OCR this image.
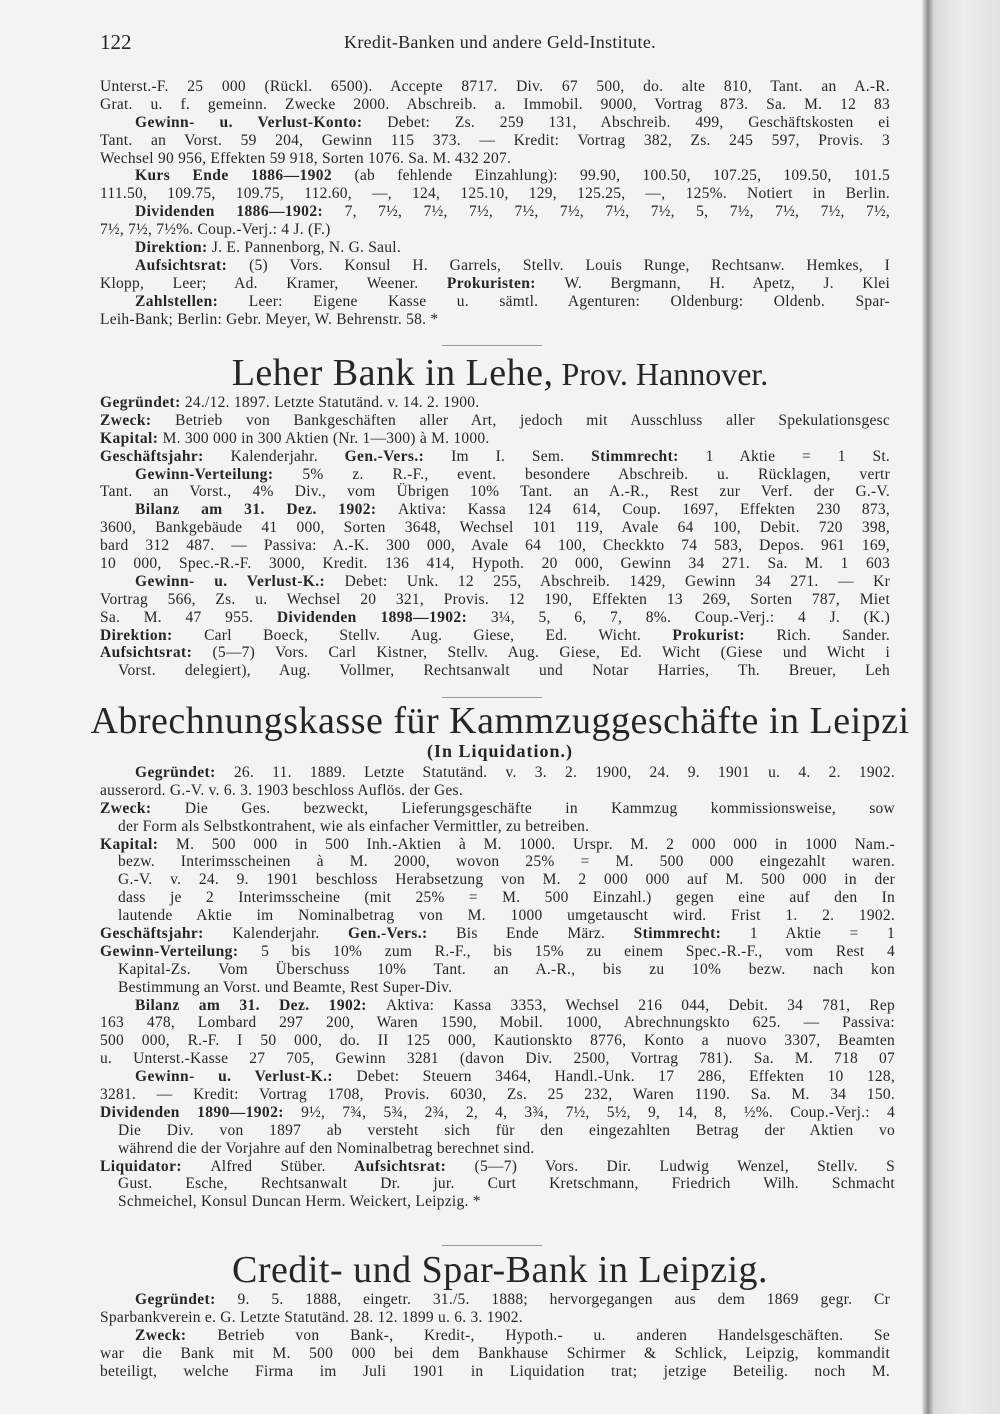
122	Kredit-Banken und andere Geld-Institute.
Unterst.-F. 25 000 (Rückl. 6500). Accepte 8717. Div. 67 500, do. alte 810, Tant. an A.-R.
Grat. u. f. gemeinn. Zwecke 2000. Abschreib. a. Immobil. 9000, Vortrag 873. Sa. M. 12 83
Gewinn- u. Verlust-Konto: Debet: Zs. 259 131, Abschreib. 499, Geschäftskosten ei
Tant. an Vorst. 59 204, Gewinn 115 373. — Kredit: Vortrag 382, Zs. 245 597, Provis. 3
Wechsel 90 956, Effekten 59 918, Sorten 1076. Sa. M. 432 207.
Kurs Ende 1886—1902 (ab fehlende Einzahlung): 99.90, 100.50, 107.25, 109.50, 101.5
111.50, 109.75, 109.75, 112.60, —, 124, 125.10, 129, 125.25, —, 125%. Notiert in Berlin.
Dividenden 1886—1902: 7, 7½, 7½, 7½, 7½, 7½, 7½, 7½, 5, 7½, 7½, 7½, 7½,
7½, 7½, 7½%. Coup.-Verj.: 4 J. (F.)
Direktion: J. E. Pannenborg, N. G. Saul.
Aufsichtsrat: (5) Vors. Konsul H. Garrels, Stellv. Louis Runge, Rechtsanw. Hemkes, I
Klopp, Leer; Ad. Kramer, Weener. Prokuristen: W. Bergmann, H. Apetz, J. Klei
Zahlstellen: Leer: Eigene Kasse u. sämtl. Agenturen: Oldenburg: Oldenb. Spar-
Leih-Bank; Berlin: Gebr. Meyer, W. Behrenstr. 58. *
Leher Bank in Lehe, Prov. Hannover.
Gegründet: 24./12. 1897. Letzte Statutänd. v. 14. 2. 1900.
Zweck: Betrieb von Bankgeschäften aller Art, jedoch mit Ausschluss aller Spekulationsgesc
Kapital: M. 300 000 in 300 Aktien (Nr. 1—300) à M. 1000.
Geschäftsjahr: Kalenderjahr. Gen.-Vers.: Im I. Sem. Stimmrecht: 1 Aktie = 1 St.
Gewinn-Verteilung: 5% z. R.-F., event. besondere Abschreib. u. Rücklagen, vertr
Tant. an Vorst., 4% Div., vom Übrigen 10% Tant. an A.-R., Rest zur Verf. der G.-V.
Bilanz am 31. Dez. 1902: Aktiva: Kassa 124 614, Coup. 1697, Effekten 230 873,
3600, Bankgebäude 41 000, Sorten 3648, Wechsel 101 119, Avale 64 100, Debit. 720 398,
bard 312 487. — Passiva: A.-K. 300 000, Avale 64 100, Checkkto 74 583, Depos. 961 169,
10 000, Spec.-R.-F. 3000, Kredit. 136 414, Hypoth. 20 000, Gewinn 34 271. Sa. M. 1 603
Gewinn- u. Verlust-K.: Debet: Unk. 12 255, Abschreib. 1429, Gewinn 34 271. — Kr
Vortrag 566, Zs. u. Wechsel 20 321, Provis. 12 190, Effekten 13 269, Sorten 787, Miet
Sa. M. 47 955. Dividenden 1898—1902: 3¼, 5, 6, 7, 8%. Coup.-Verj.: 4 J. (K.)
Direktion: Carl Boeck, Stellv. Aug. Giese, Ed. Wicht. Prokurist: Rich. Sander.
Aufsichtsrat: (5—7) Vors. Carl Kistner, Stellv. Aug. Giese, Ed. Wicht (Giese und Wicht i
Vorst. delegiert), Aug. Vollmer, Rechtsanwalt und Notar Harries, Th. Breuer, Leh
Abrechnungskasse für Kammzuggeschäfte in Leipzi
(In Liquidation.)
Gegründet: 26. 11. 1889. Letzte Statutänd. v. 3. 2. 1900, 24. 9. 1901 u. 4. 2. 1902.
ausserord. G.-V. v. 6. 3. 1903 beschloss Auflös. der Ges.
Zweck: Die Ges. bezweckt, Lieferungsgeschäfte in Kammzug kommissionsweise, sow
der Form als Selbstkontrahent, wie als einfacher Vermittler, zu betreiben.
Kapital: M. 500 000 in 500 Inh.-Aktien à M. 1000. Urspr. M. 2 000 000 in 1000 Nam.-
bezw. Interimsscheinen à M. 2000, wovon 25% = M. 500 000 eingezahlt waren.
G.-V. v. 24. 9. 1901 beschloss Herabsetzung von M. 2 000 000 auf M. 500 000 in der
dass je 2 Interimsscheine (mit 25% = M. 500 Einzahl.) gegen eine auf den In
lautende Aktie im Nominalbetrag von M. 1000 umgetauscht wird. Frist 1. 2. 1902.
Geschäftsjahr: Kalenderjahr. Gen.-Vers.: Bis Ende März. Stimmrecht: 1 Aktie = 1
Gewinn-Verteilung: 5 bis 10% zum R.-F., bis 15% zu einem Spec.-R.-F., vom Rest 4
Kapital-Zs. Vom Überschuss 10% Tant. an A.-R., bis zu 10% bezw. nach kon
Bestimmung an Vorst. und Beamte, Rest Super-Div.
Bilanz am 31. Dez. 1902: Aktiva: Kassa 3353, Wechsel 216 044, Debit. 34 781, Rep
163 478, Lombard 297 200, Waren 1590, Mobil. 1000, Abrechnungskto 625. — Passiva:
500 000, R.-F. I 50 000, do. II 125 000, Kautionskto 8776, Konto a nuovo 3307, Beamten
u. Unterst.-Kasse 27 705, Gewinn 3281 (davon Div. 2500, Vortrag 781). Sa. M. 718 07
Gewinn- u. Verlust-K.: Debet: Steuern 3464, Handl.-Unk. 17 286, Effekten 10 128,
3281. — Kredit: Vortrag 1708, Provis. 6030, Zs. 25 232, Waren 1190. Sa. M. 34 150.
Dividenden 1890—1902: 9½, 7¾, 5¾, 2¾, 2, 4, 3¾, 7½, 5½, 9, 14, 8, ½%. Coup.-Verj.: 4
Die Div. von 1897 ab versteht sich für den eingezahlten Betrag der Aktien vo
während die der Vorjahre auf den Nominalbetrag berechnet sind.
Liquidator: Alfred Stüber. Aufsichtsrat: (5—7) Vors. Dir. Ludwig Wenzel, Stellv. S
Gust. Esche, Rechtsanwalt Dr. jur. Curt Kretschmann, Friedrich Wilh. Schmacht
Schmeichel, Konsul Duncan Herm. Weickert, Leipzig. *
Credit- und Spar-Bank in Leipzig.
Gegründet: 9. 5. 1888, eingetr. 31./5. 1888; hervorgegangen aus dem 1869 gegr. Cr
Sparbankverein e. G. Letzte Statutänd. 28. 12. 1899 u. 6. 3. 1902.
Zweck: Betrieb von Bank-, Kredit-, Hypoth.- u. anderen Handelsgeschäften. Se
war die Bank mit M. 500 000 bei dem Bankhause Schirmer & Schlick, Leipzig, kommandit
beteiligt, welche Firma im Juli 1901 in Liquidation trat; jetzige Beteilig. noch M.
